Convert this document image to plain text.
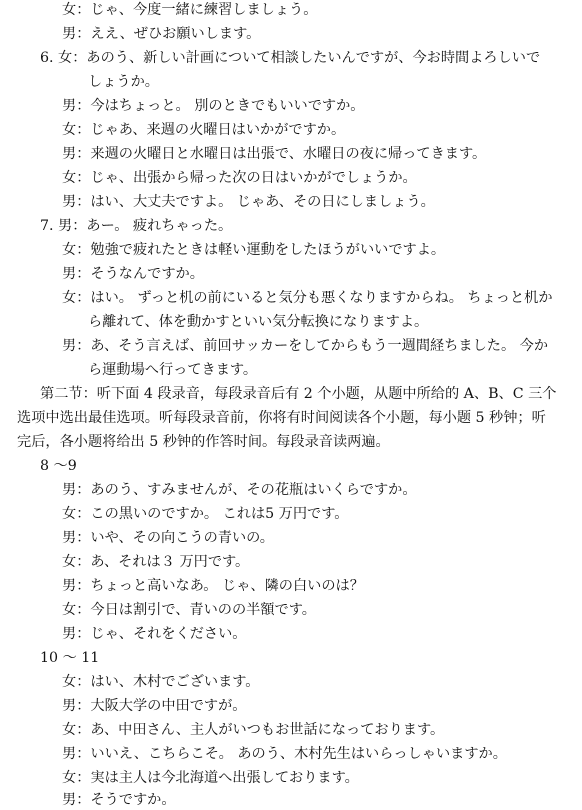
女：じゃ、今度一緒に練習しましょう。
男：ええ、ぜひお願いします。
6. 女：あのう、新しい計画について相談したいんですが、今お時間よろしいで
しょうか。
男：今はちょっと。 別のときでもいいですか。
女：じゃあ、来週の火曜日はいかがですか。
男：来週の火曜日と水曜日は出張で、水曜日の夜に帰ってきます。
女：じゃ、出張から帰った次の日はいかがでしょうか。
男：はい、大丈夫ですよ。 じゃあ、その日にしましょう。
7. 男：あー。 疲れちゃった。
女：勉強で疲れたときは軽い運動をしたほうがいいですよ。
男：そうなんですか。
女：はい。 ずっと机の前にいると気分も悪くなりますからね。 ちょっと机か
ら離れて、体を動かすといい気分転換になりますよ。
男：あ、そう言えば、前回サッカーをしてからもう一週間経ちました。 今か
ら運動場へ行ってきます。
第二节：听下面 4 段录音，每段录音后有 2 个小题，从题中所给的 A、B、C 三个
选项中选出最佳选项。听每段录音前，你将有时间阅读各个小题，每小题 5 秒钟；听
完后，各小题将给出 5 秒钟的作答时间。每段录音读两遍。
8 ～9
男：あのう、すみませんが、その花瓶はいくらですか。
女：この黒いのですか。 これは5 万円です。
男：いや、その向こうの青いの。
女：あ、それは３ 万円です。
男：ちょっと高いなあ。 じゃ、隣の白いのは？
女：今日は割引で、青いのの半額です。
男：じゃ、それをください。
10 ～ 11
女：はい、木村でございます。
男：大阪大学の中田ですが。
女：あ、中田さん、主人がいつもお世話になっております。
男：いいえ、こちらこそ。 あのう、木村先生はいらっしゃいますか。
女：実は主人は今北海道へ出張しております。
男：そうですか。
